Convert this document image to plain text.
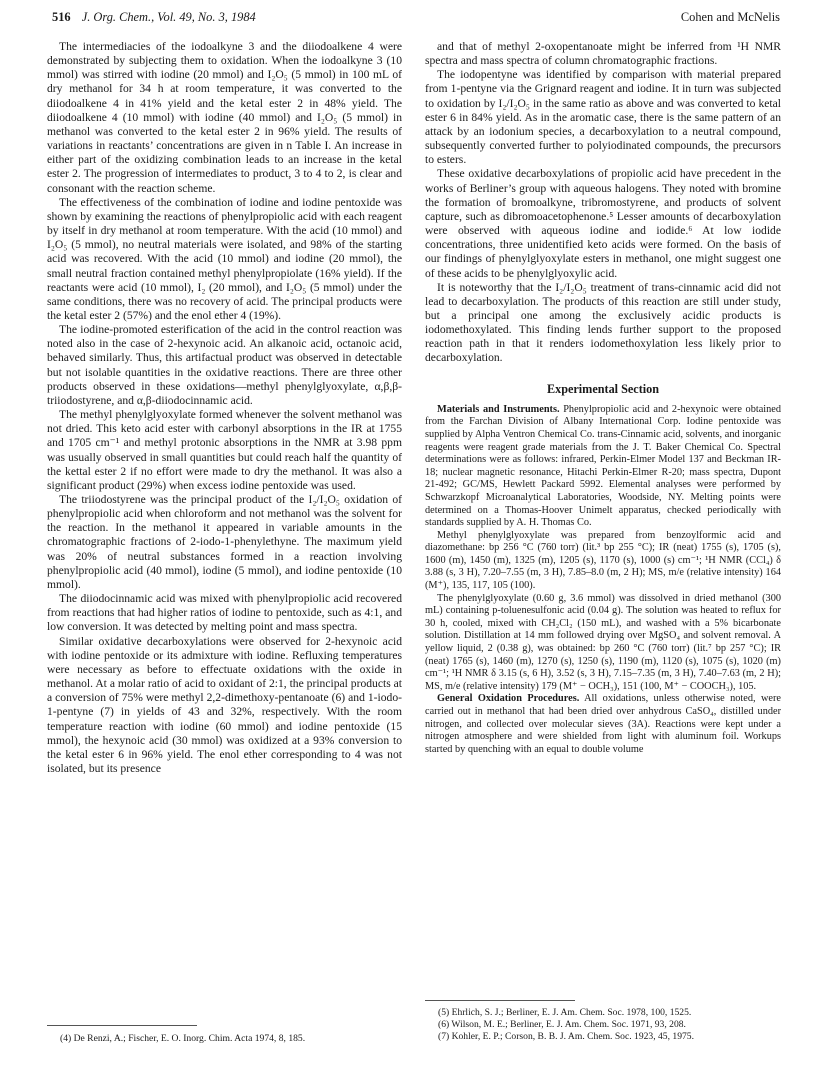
516 J. Org. Chem., Vol. 49, No. 3, 1984	Cohen and McNelis

The intermediacies of the iodoalkyne 3 and the diiodoalkene 4 were demonstrated by subjecting them to oxidation. When the iodoalkyne 3 (10 mmol) was stirred with iodine (20 mmol) and I₂O₅ (5 mmol) in 100 mL of dry methanol for 34 h at room temperature, it was converted to the diiodoalkene 4 in 41% yield and the ketal ester 2 in 48% yield. The diiodoalkene 4 (10 mmol) with iodine (40 mmol) and I₂O₅ (5 mmol) in methanol was converted to the ketal ester 2 in 96% yield. The results of variations in reactants’ concentrations are given in n Table I. An increase in either part of the oxidizing combination leads to an increase in the ketal ester 2. The progression of intermediates to product, 3 to 4 to 2, is clear and consonant with the reaction scheme.

The effectiveness of the combination of iodine and iodine pentoxide was shown by examining the reactions of phenylpropiolic acid with each reagent by itself in dry methanol at room temperature. With the acid (10 mmol) and I₂O₅ (5 mmol), no neutral materials were isolated, and 98% of the starting acid was recovered. With the acid (10 mmol) and iodine (20 mmol), the small neutral fraction contained methyl phenylpropiolate (16% yield). If the reactants were acid (10 mmol), I₂ (20 mmol), and I₂O₅ (5 mmol) under the same conditions, there was no recovery of acid. The principal products were the ketal ester 2 (57%) and the enol ether 4 (19%).

The iodine-promoted esterification of the acid in the control reaction was noted also in the case of 2-hexynoic acid. An alkanoic acid, octanoic acid, behaved similarly. Thus, this artifactual product was observed in detectable but not isolable quantities in the oxidative reactions. There are three other products observed in these oxidations—methyl phenylglyoxylate, α,β,β-triiodostyrene, and α,β-diiodocinnamic acid.

The methyl phenylglyoxylate formed whenever the solvent methanol was not dried. This keto acid ester with carbonyl absorptions in the IR at 1755 and 1705 cm⁻¹ and methyl protonic absorptions in the NMR at 3.98 ppm was usually observed in small quantities but could reach half the quantity of the kettal ester 2 if no effort were made to dry the methanol. It was also a significant product (29%) when excess iodine pentoxide was used.

The triiodostyrene was the principal product of the I₂/I₂O₅ oxidation of phenylpropiolic acid when chloroform and not methanol was the solvent for the reaction. In the methanol it appeared in variable amounts in the chromatographic fractions of 2-iodo-1-phenylethyne. The maximum yield was 20% of neutral substances formed in a reaction involving phenylpropiolic acid (40 mmol), iodine (5 mmol), and iodine pentoxide (10 mmol).

The diiodocinnamic acid was mixed with phenylpropiolic acid recovered from reactions that had higher ratios of iodine to pentoxide, such as 4:1, and low conversion. It was detected by melting point and mass spectra.

Similar oxidative decarboxylations were observed for 2-hexynoic acid with iodine pentoxide or its admixture with iodine. Refluxing temperatures were necessary as before to effectuate oxidations with the oxide in methanol. At a molar ratio of acid to oxidant of 2:1, the principal products at a conversion of 75% were methyl 2,2-dimethoxy-pentanoate (6) and 1-iodo-1-pentyne (7) in yields of 43 and 32%, respectively. With the room temperature reaction with iodine (60 mmol) and iodine pentoxide (15 mmol), the hexynoic acid (30 mmol) was oxidized at a 93% conversion to the ketal ester 6 in 96% yield. The enol ether corresponding to 4 was not isolated, but its presence

and that of methyl 2-oxopentanoate might be inferred from ¹H NMR spectra and mass spectra of column chromatographic fractions.

The iodopentyne was identified by comparison with material prepared from 1-pentyne via the Grignard reagent and iodine. It in turn was subjected to oxidation by I₂/I₂O₅ in the same ratio as above and was converted to ketal ester 6 in 84% yield. As in the aromatic case, there is the same pattern of an attack by an iodonium species, a decarboxylation to a neutral compound, subsequently converted further to polyiodinated compounds, the precursors to esters.

These oxidative decarboxylations of propiolic acid have precedent in the works of Berliner’s group with aqueous halogens. They noted with bromine the formation of bromoalkyne, tribromostyrene, and products of solvent capture, such as dibromoacetophenone.⁵ Lesser amounts of decarboxylation were observed with aqueous iodine and iodide.⁶ At low iodide concentrations, three unidentified keto acids were formed. On the basis of our findings of phenylglyoxylate esters in methanol, one might suggest one of these acids to be phenylglyoxylic acid.

It is noteworthy that the I₂/I₂O₅ treatment of trans-cinnamic acid did not lead to decarboxylation. The products of this reaction are still under study, but a principal one among the exclusively acidic products is iodomethoxylated. This finding lends further support to the proposed reaction path in that it renders iodomethoxylation less likely prior to decarboxylation.

Experimental Section

Materials and Instruments. Phenylpropiolic acid and 2-hexynoic were obtained from the Farchan Division of Albany International Corp. Iodine pentoxide was supplied by Alpha Ventron Chemical Co. trans-Cinnamic acid, solvents, and inorganic reagents were reagent grade materials from the J. T. Baker Chemical Co. Spectral determinations were as follows: infrared, Perkin-Elmer Model 137 and Beckman IR-18; nuclear magnetic resonance, Hitachi Perkin-Elmer R-20; mass spectra, Dupont 21-492; GC/MS, Hewlett Packard 5992. Elemental analyses were performed by Schwarzkopf Microanalytical Laboratories, Woodside, NY. Melting points were determined on a Thomas-Hoover Unimelt apparatus, checked periodically with standards supplied by A. H. Thomas Co.

Methyl phenylglyoxylate was prepared from benzoylformic acid and diazomethane: bp 256 °C (760 torr) (lit.³ bp 255 °C); IR (neat) 1755 (s), 1705 (s), 1600 (m), 1450 (m), 1325 (m), 1205 (s), 1170 (s), 1000 (s) cm⁻¹; ¹H NMR (CCl₄) δ 3.88 (s, 3 H), 7.20–7.55 (m, 3 H), 7.85–8.0 (m, 2 H); MS, m/e (relative intensity) 164 (M⁺), 135, 117, 105 (100).

The phenylglyoxylate (0.60 g, 3.6 mmol) was dissolved in dried methanol (300 mL) containing p-toluenesulfonic acid (0.04 g). The solution was heated to reflux for 30 h, cooled, mixed with CH₂Cl₂ (150 mL), and washed with a 5% bicarbonate solution. Distillation at 14 mm followed drying over MgSO₄ and solvent removal. A yellow liquid, 2 (0.38 g), was obtained: bp 260 °C (760 torr) (lit.⁷ bp 257 °C); IR (neat) 1765 (s), 1460 (m), 1270 (s), 1250 (s), 1190 (m), 1120 (s), 1075 (s), 1020 (m) cm⁻¹; ¹H NMR δ 3.15 (s, 6 H), 3.52 (s, 3 H), 7.15–7.35 (m, 3 H), 7.40–7.63 (m, 2 H); MS, m/e (relative intensity) 179 (M⁺ − OCH₃), 151 (100, M⁺ − COOCH₃), 105.

General Oxidation Procedures. All oxidations, unless otherwise noted, were carried out in methanol that had been dried over anhydrous CaSO₄, distilled under nitrogen, and collected over molecular sieves (3A). Reactions were kept under a nitrogen atmosphere and were shielded from light with aluminum foil. Workups started by quenching with an equal to double volume

(4) De Renzi, A.; Fischer, E. O. Inorg. Chim. Acta 1974, 8, 185.
(5) Ehrlich, S. J.; Berliner, E. J. Am. Chem. Soc. 1978, 100, 1525.
(6) Wilson, M. E.; Berliner, E. J. Am. Chem. Soc. 1971, 93, 208.
(7) Kohler, E. P.; Corson, B. B. J. Am. Chem. Soc. 1923, 45, 1975.
